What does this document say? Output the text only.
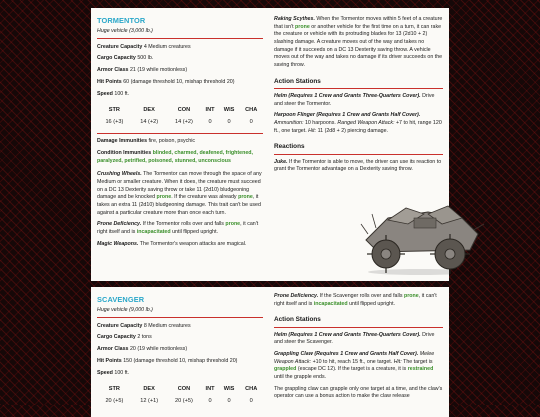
TORMENTOR
Huge vehicle (3,000 lb.)
Creature Capacity 4 Medium creatures
Cargo Capacity 500 lb.
Armor Class 21 (19 while motionless)
Hit Points 60 (damage threshold 10, mishap threshold 20)
Speed 100 ft.
STR	DEX	CON	INT	WIS	CHA
16 (+3)	14 (+2)	14 (+2)	0	0	0
Damage Immunities fire, poison, psychic
Condition Immunities blinded, charmed, deafened, frightened,
paralyzed, petrified, poisoned, stunned, unconscious

Crushing Wheels. The Tormentor can move through the space of any Medium or smaller creature. When it does, the creature must succeed on a DC 13 Dexterity saving throw or take 11 (2d10) bludgeoning damage and be knocked prone. If the creature was already prone, it takes an extra 11 (2d10) bludgeoning damage. This trait can't be used against a particular creature more than once each turn.

Prone Deficiency. If the Tormentor rolls over and falls prone, it can't right itself and is incapacitated until flipped upright.

Magic Weapons. The Tormentor's weapon attacks are magical.

Raking Scythes. When the Tormentor moves within 5 feet of a creature that isn't prone or another vehicle for the first time on a turn, it can rake the creature or vehicle with its protruding blades for 13 (2d10 + 2) slashing damage. A creature moves out of the way and takes no damage if it succeeds on a DC 13 Dexterity saving throw. A vehicle moves out of the way and takes no damage if its driver succeeds on the saving throw.

Action Stations

Helm (Requires 1 Crew and Grants Three-Quarters Cover). Drive and steer the Tormentor.

Harpoon Flinger (Requires 1 Crew and Grants Half Cover). Ammunition: 10 harpoons. Ranged Weapon Attack: +7 to hit, range 120 ft., one target. Hit: 11 (2d8 + 2) piercing damage.

Reactions

Juke. If the Tormentor is able to move, the driver can use its reaction to grant the Tormentor advantage on a Dexterity saving throw.

SCAVENGER
Huge vehicle (9,000 lb.)
Creature Capacity 8 Medium creatures
Cargo Capacity 2 tons
Armor Class 20 (19 while motionless)
Hit Points 150 (damage threshold 10, mishap threshold 20)
Speed 100 ft.
STR	DEX	CON	INT	WIS	CHA
20 (+5)	12 (+1)	20 (+5)	0	0	0

Prone Deficiency. If the Scavenger rolls over and falls prone, it can't right itself and is incapacitated until flipped upright.

Action Stations

Helm (Requires 1 Crew and Grants Three-Quarters Cover). Drive and steer the Scavenger.

Grappling Claw (Requires 1 Crew and Grants Half Cover). Melee Weapon Attack: +10 to hit, reach 15 ft., one target. Hit: The target is grappled (escape DC 12). If the target is a creature, it is restrained until the grapple ends.

The grappling claw can grapple only one target at a time, and the claw's operator can use a bonus action to make the claw release
